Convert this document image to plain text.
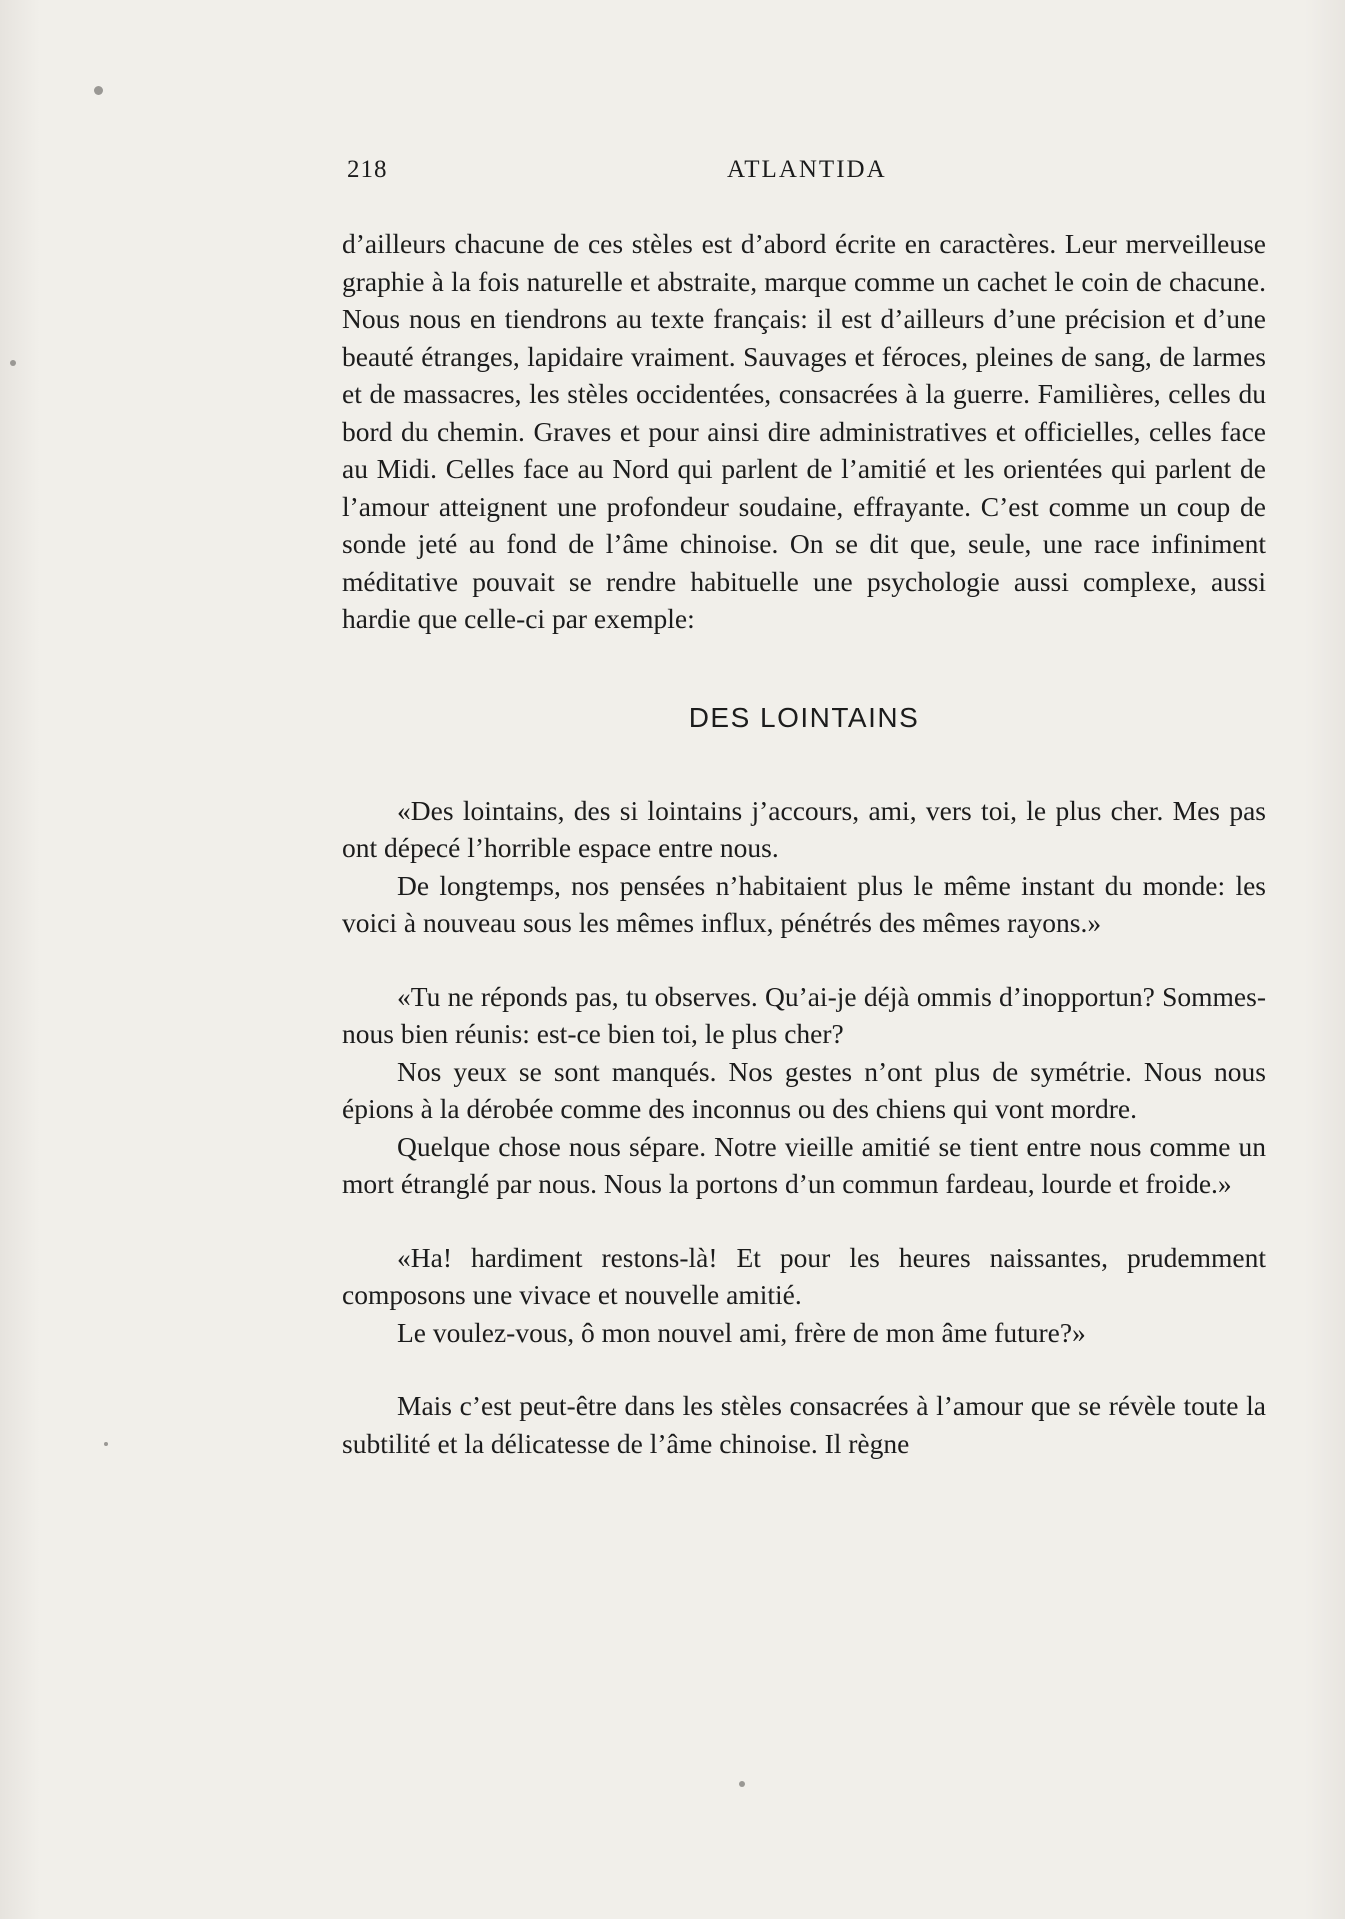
218	ATLANTIDA

d’ailleurs chacune de ces stèles est d’abord écrite en caractères. Leur merveilleuse graphie à la fois naturelle et abstraite, marque comme un cachet le coin de chacune. Nous nous en tiendrons au texte français: il est d’ailleurs d’une précision et d’une beauté étranges, lapidaire vraiment. Sauvages et féroces, pleines de sang, de larmes et de massacres, les stèles occidentées, consacrées à la guerre. Familières, celles du bord du chemin. Graves et pour ainsi dire administratives et officielles, celles face au Midi. Celles face au Nord qui parlent de l’amitié et les orientées qui parlent de l’amour atteignent une profondeur soudaine, effrayante. C’est comme un coup de sonde jeté au fond de l’âme chinoise. On se dit que, seule, une race infiniment méditative pouvait se rendre habituelle une psychologie aussi complexe, aussi hardie que celle-ci par exemple:

DES LOINTAINS

«Des lointains, des si lointains j’accours, ami, vers toi, le plus cher. Mes pas ont dépecé l’horrible espace entre nous.

De longtemps, nos pensées n’habitaient plus le même instant du monde: les voici à nouveau sous les mêmes influx, pénétrés des mêmes rayons.»

«Tu ne réponds pas, tu observes. Qu’ai-je déjà ommis d’inopportun? Sommes-nous bien réunis: est-ce bien toi, le plus cher?

Nos yeux se sont manqués. Nos gestes n’ont plus de symétrie. Nous nous épions à la dérobée comme des inconnus ou des chiens qui vont mordre.

Quelque chose nous sépare. Notre vieille amitié se tient entre nous comme un mort étranglé par nous. Nous la portons d’un commun fardeau, lourde et froide.»

«Ha! hardiment restons-là! Et pour les heures naissantes, prudemment composons une vivace et nouvelle amitié.

Le voulez-vous, ô mon nouvel ami, frère de mon âme future?»

Mais c’est peut-être dans les stèles consacrées à l’amour que se révèle toute la subtilité et la délicatesse de l’âme chinoise. Il règne
